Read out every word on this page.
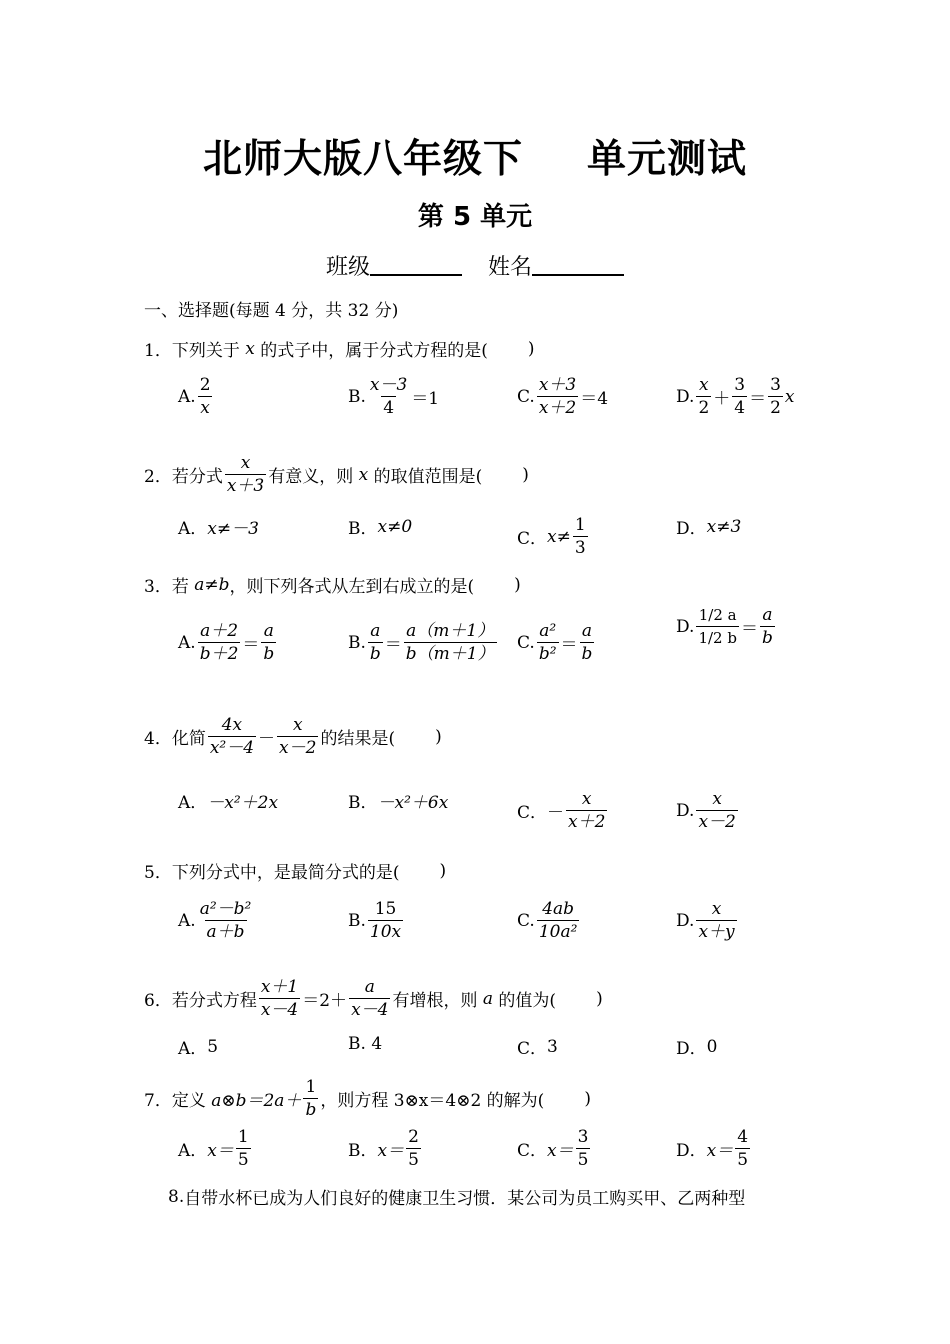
北师大版八年级下 单元测试
第 5 单元
班级	姓名
一、选择题(每题 4 分，共 32 分)
1． 下列关于
x
的式子中，属于分式方程的是( )
A. $\frac{2}{x}$	B. $\frac{x-3}{4} =1$	C. $\frac{x+3}{x+2} =4$	D. $\frac{x}{2} + \frac{3}{4} = \frac{3}{2}$ x
2． 若分式 $\frac{x}{x+3}$ 有意义，则
x
的取值范围是( )
A． x≠－3	B． x≠0
C． $x\ne \frac{1}{3}$	D． x≠3
3． 若
a≠b ，则下列各式从左到右成立的是( )
A. $\frac{a+2}{b+2} = \frac{a}{b}$	B. $\frac{a}{b} = \frac{a(m+1)}{b(m+1)} C$. $\frac{\text{a²}}{\text{b²}} = \frac{a}{b}$	D. $\frac{1/2 a}{1/2 b} = \frac{a}{b}$
4． 化简 $\frac{4x}{\text{x²－4}} - \frac{x}{x-2}$ 的结果是( )
A． －x²＋2x	B． －x²＋6x	C． － $\frac{x}{x+2}$	D. $\frac{x}{x-2}$
5． 下列分式中，是最简分式的是( )
A. $\frac{\text{a²－b²}}{a+b}$	B. $\frac{15}{10x}$	C. $\frac{4ab}{\text{10a²}}$	D. $\frac{x}{x+y}$
6． 若分式方程 $\frac{x+1}{x-4} =2+ \frac{a}{x-4}$ 有增根，则
a
的值为( )
A． 5	B.
4	C． 3	D． 0
7． 定义
a⊗b＝2a＋ $\frac{1}{b}$ ，则方程 3⊗x＝4⊗2 的解为( )
A． $x= \frac{1}{5}$	B． $x= \frac{2}{5}$	C． $x= \frac{3}{5}$	D． $x= \frac{4}{5}$
8. 自带水杯已成为人们良好的健康卫生习惯．某公司为员工购买甲、乙两种型
